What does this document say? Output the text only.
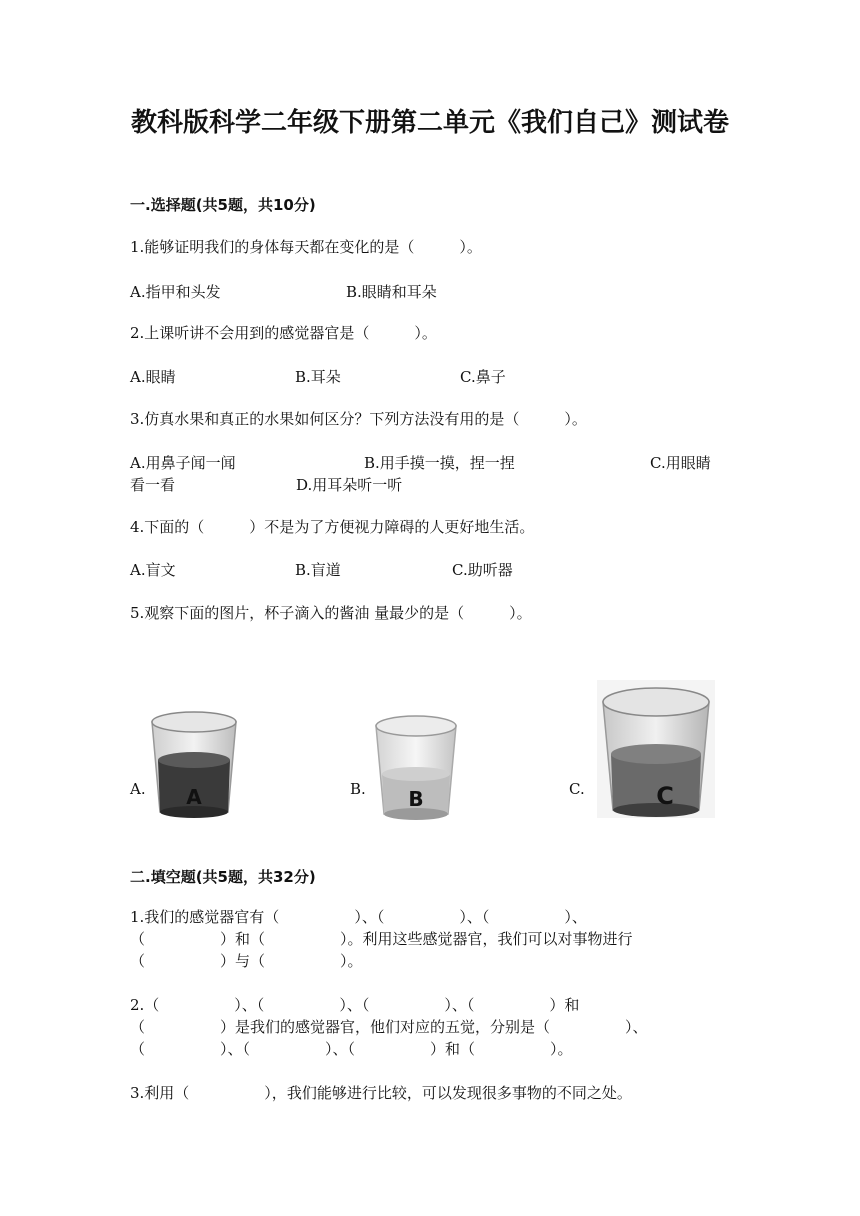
教科版科学二年级下册第二单元《我们自己》测试卷
一.选择题(共5题，共10分)
1.能够证明我们的身体每天都在变化的是（　　　）。
A.指甲和头发	B.眼睛和耳朵
2.上课听讲不会用到的感觉器官是（　　　）。
A.眼睛	B.耳朵	C.鼻子
3.仿真水果和真正的水果如何区分？下列方法没有用的是（　　　）。
A.用鼻子闻一闻	B.用手摸一摸，捏一捏	C.用眼睛
看一看	D.用耳朵听一听
4.下面的（　　　）不是为了方便视力障碍的人更好地生活。
A.盲文	B.盲道	C.助听器
5.观察下面的图片，杯子滴入的酱油 量最少的是（　　　）。
A.	B.	C.
A	B	C
二.填空题(共5题，共32分)
1.我们的感觉器官有（　　　　　）、（　　　　　）、（　　　　　）、
（　　　　　）和（　　　　　）。利用这些感觉器官，我们可以对事物进行
（　　　　　）与（　　　　　）。
2.（　　　　　）、（　　　　　）、（　　　　　）、（　　　　　）和
（　　　　　）是我们的感觉器官，他们对应的五觉，分别是（　　　　　）、
（　　　　　）、（　　　　　）、（　　　　　）和（　　　　　）。
3.利用（　　　　　），我们能够进行比较，可以发现很多事物的不同之处。
